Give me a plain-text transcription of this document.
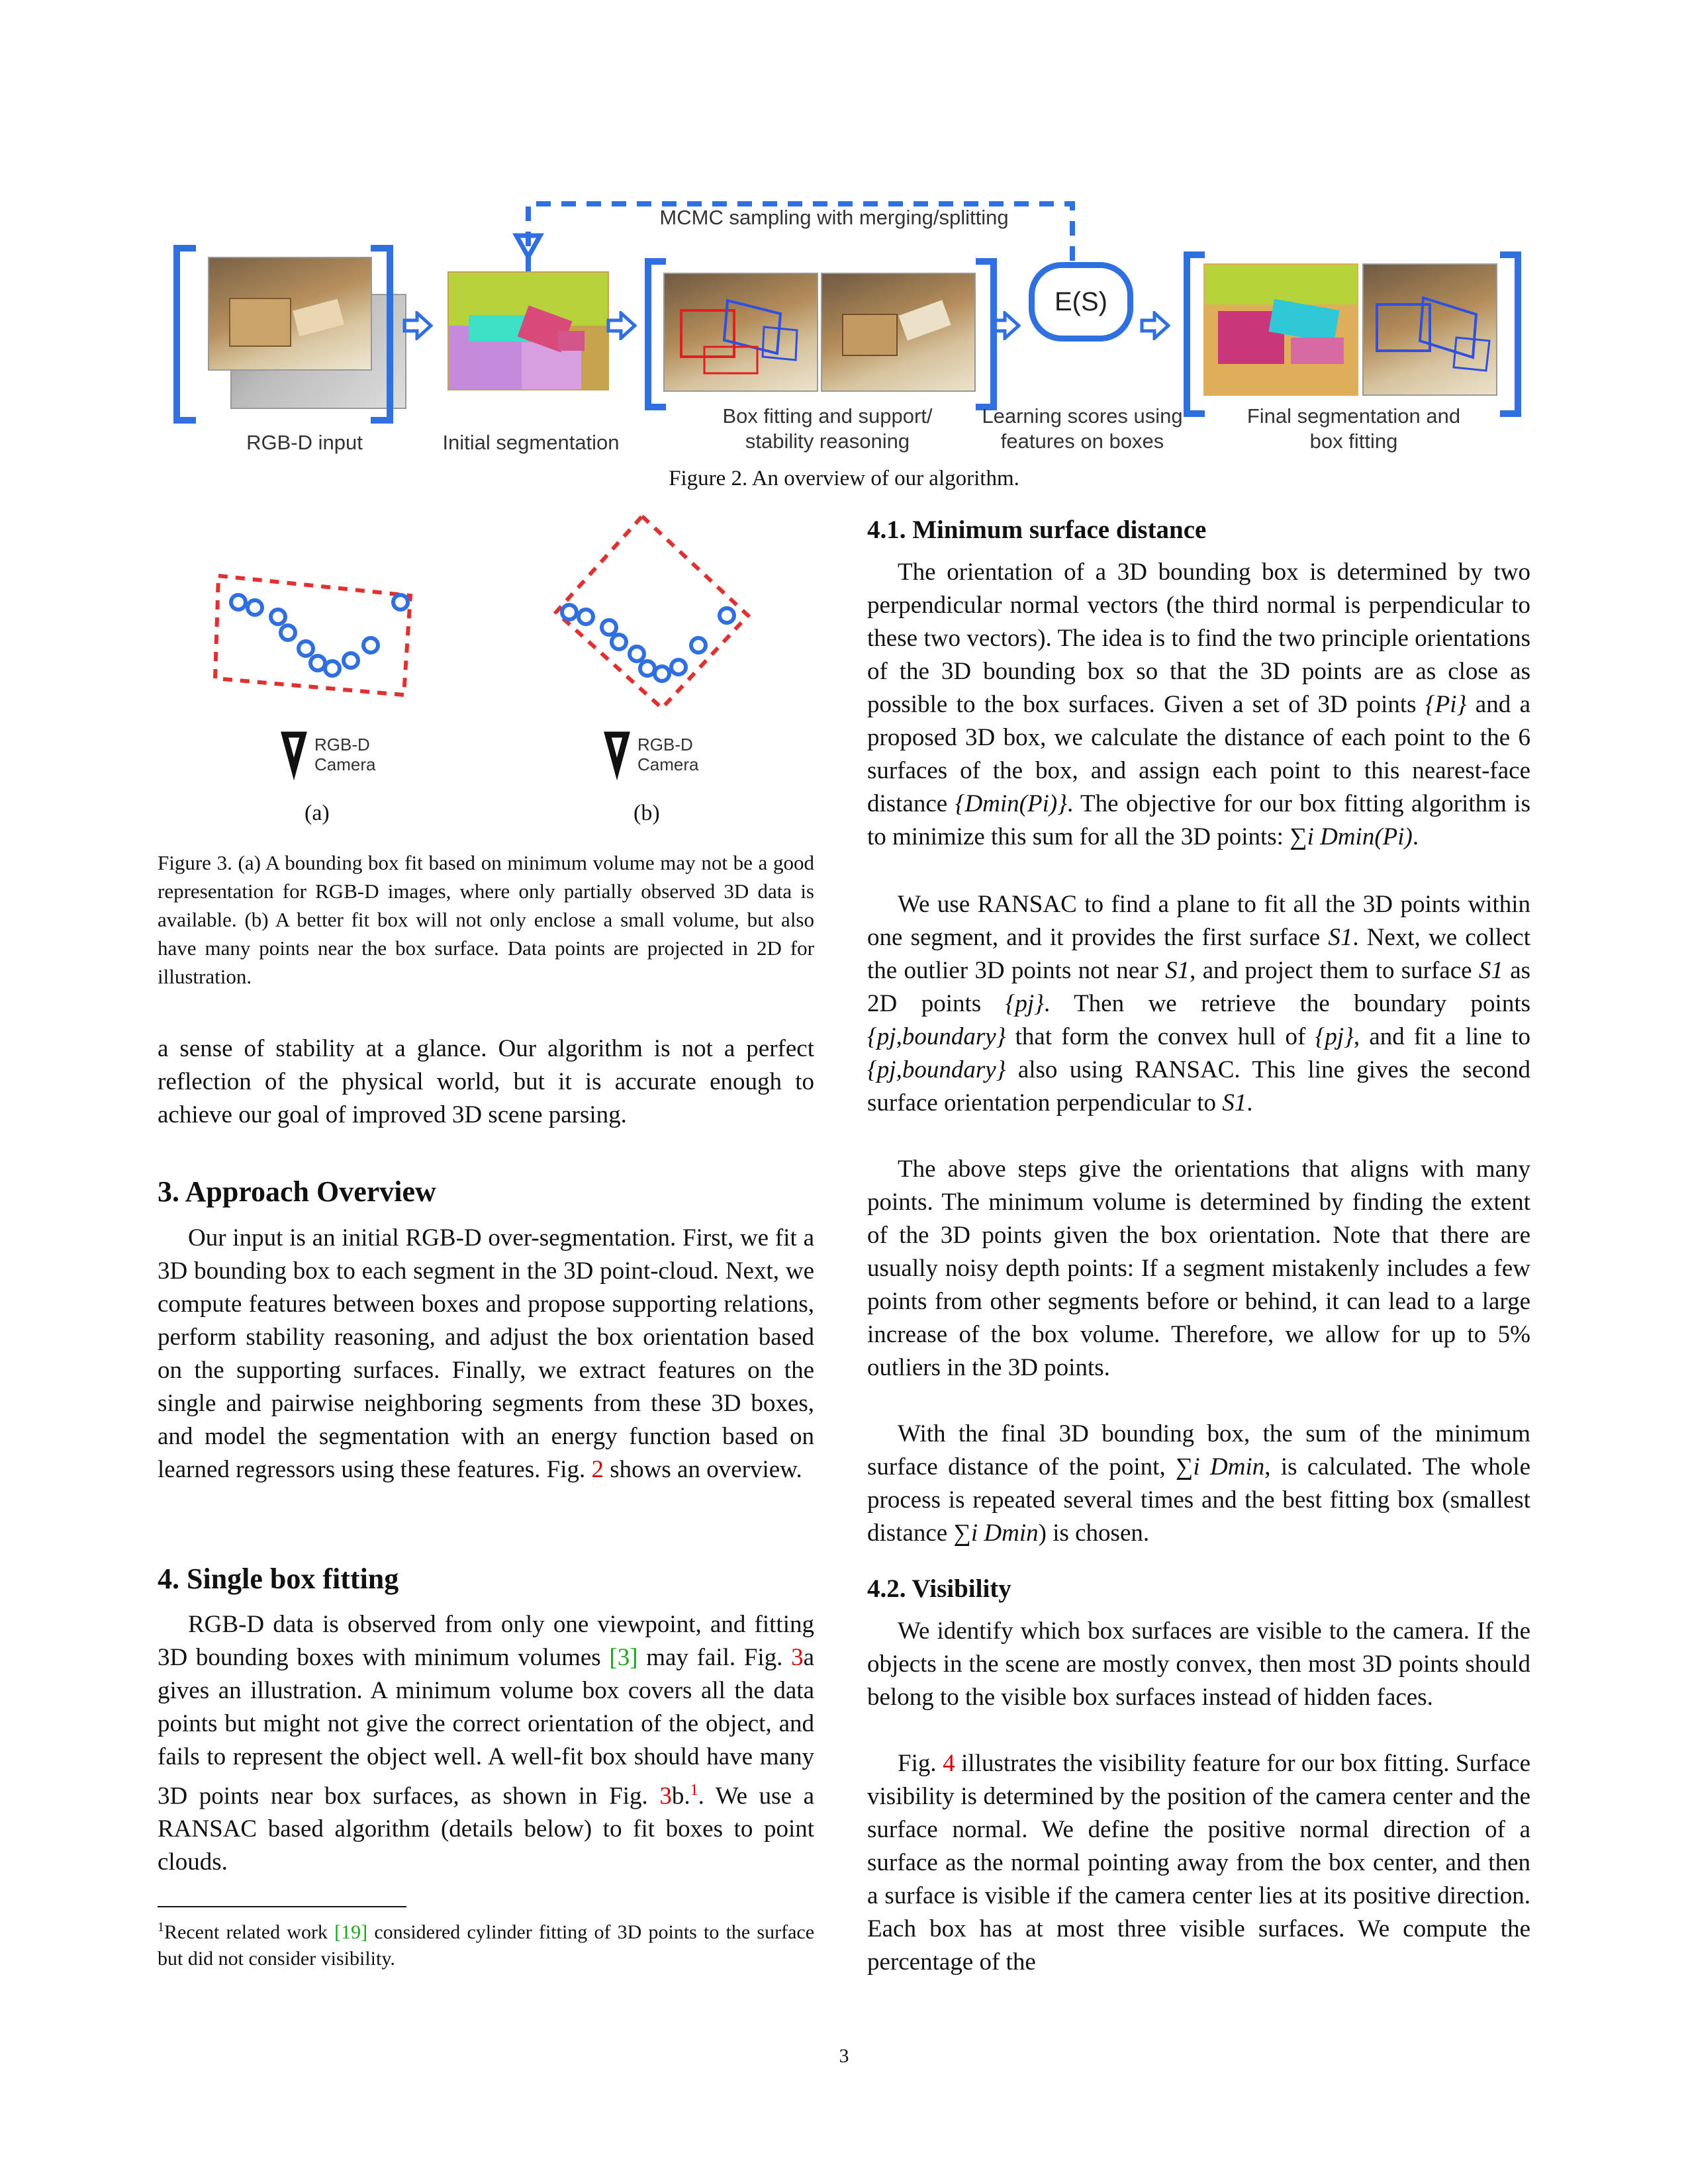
MCMC sampling with merging/splitting
RGB-D input	Initial segmentation
Box fitting and support/
stability reasoning
E(S)
Learning scores using
features on boxes
Final segmentation and
box fitting
Figure 2. An overview of our algorithm.
RGB-D
Camera
RGB-D
Camera
(a)	(b)
Figure 3. (a) A bounding box fit based on minimum volume may not be a good representation for RGB-D images, where only partially observed 3D data is available. (b) A better fit box will not only enclose a small volume, but also have many points near the box surface. Data points are projected in 2D for illustration.
a sense of stability at a glance. Our algorithm is not a perfect reflection of the physical world, but it is accurate enough to achieve our goal of improved 3D scene parsing.
3. Approach Overview
Our input is an initial RGB-D over-segmentation. First, we fit a 3D bounding box to each segment in the 3D point-cloud. Next, we compute features between boxes and propose supporting relations, perform stability reasoning, and adjust the box orientation based on the supporting surfaces. Finally, we extract features on the single and pairwise neighboring segments from these 3D boxes, and model the segmentation with an energy function based on learned regressors using these features. Fig. 2 shows an overview.
4. Single box fitting
RGB-D data is observed from only one viewpoint, and fitting 3D bounding boxes with minimum volumes [3] may fail. Fig. 3a gives an illustration. A minimum volume box covers all the data points but might not give the correct orientation of the object, and fails to represent the object well. A well-fit box should have many 3D points near box surfaces, as shown in Fig. 3b.$^1$. We use a RANSAC based algorithm (details below) to fit boxes to point clouds.
$^1$Recent related work [19] considered cylinder fitting of 3D points to the surface but did not consider visibility.
4.1. Minimum surface distance
The orientation of a 3D bounding box is determined by two perpendicular normal vectors (the third normal is perpendicular to these two vectors). The idea is to find the two principle orientations of the 3D bounding box so that the 3D points are as close as possible to the box surfaces. Given a set of 3D points {Pi} and a proposed 3D box, we calculate the distance of each point to the 6 surfaces of the box, and assign each point to this nearest-face distance {Dmin(Pi)}. The objective for our box fitting algorithm is to minimize this sum for all the 3D points: ∑i Dmin(Pi).
We use RANSAC to find a plane to fit all the 3D points within one segment, and it provides the first surface S1. Next, we collect the outlier 3D points not near S1, and project them to surface S1 as 2D points {pj}. Then we retrieve the boundary points {pj,boundary} that form the convex hull of {pj}, and fit a line to {pj,boundary} also using RANSAC. This line gives the second surface orientation perpendicular to S1.
The above steps give the orientations that aligns with many points. The minimum volume is determined by finding the extent of the 3D points given the box orientation. Note that there are usually noisy depth points: If a segment mistakenly includes a few points from other segments before or behind, it can lead to a large increase of the box volume. Therefore, we allow for up to 5% outliers in the 3D points.
With the final 3D bounding box, the sum of the minimum surface distance of the point, ∑i Dmin, is calculated. The whole process is repeated several times and the best fitting box (smallest distance ∑i Dmin) is chosen.
4.2. Visibility
We identify which box surfaces are visible to the camera. If the objects in the scene are mostly convex, then most 3D points should belong to the visible box surfaces instead of hidden faces.
Fig. 4 illustrates the visibility feature for our box fitting. Surface visibility is determined by the position of the camera center and the surface normal. We define the positive normal direction of a surface as the normal pointing away from the box center, and then a surface is visible if the camera center lies at its positive direction. Each box has at most three visible surfaces. We compute the percentage of the
3
